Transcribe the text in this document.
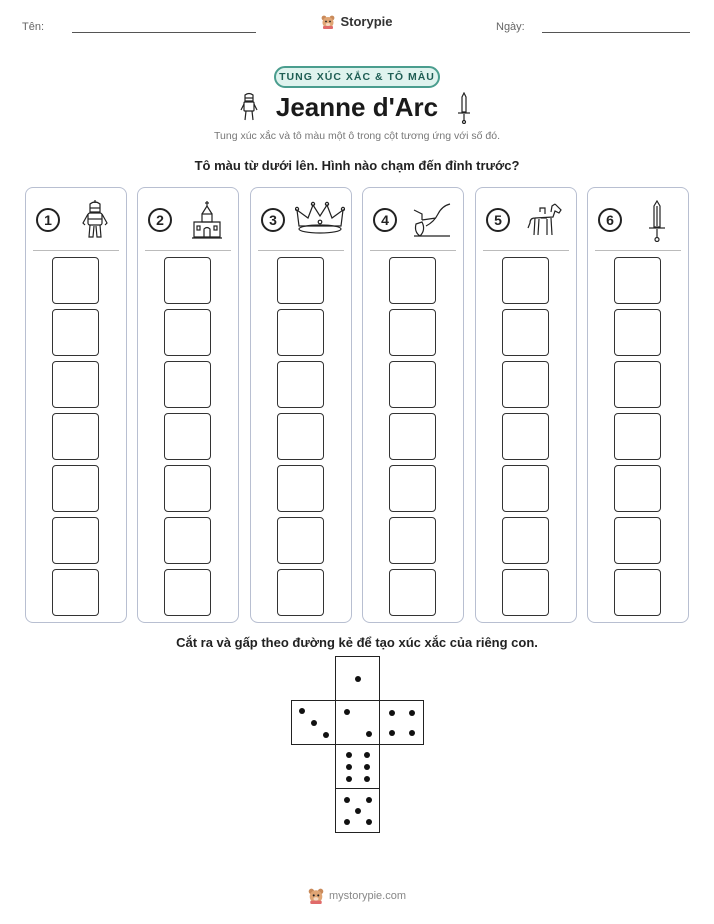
Tên:	Storypie	Ngày:
TUNG XÚC XẮC & TÔ MÀU
Jeanne d'Arc
Tung xúc xắc và tô màu một ô trong cột tương ứng với số đó.
Tô màu từ dưới lên. Hình nào chạm đến đỉnh trước?
1	2	3	4	5	6
Cắt ra và gấp theo đường kẻ để tạo xúc xắc của riêng con.
mystorypie.com
